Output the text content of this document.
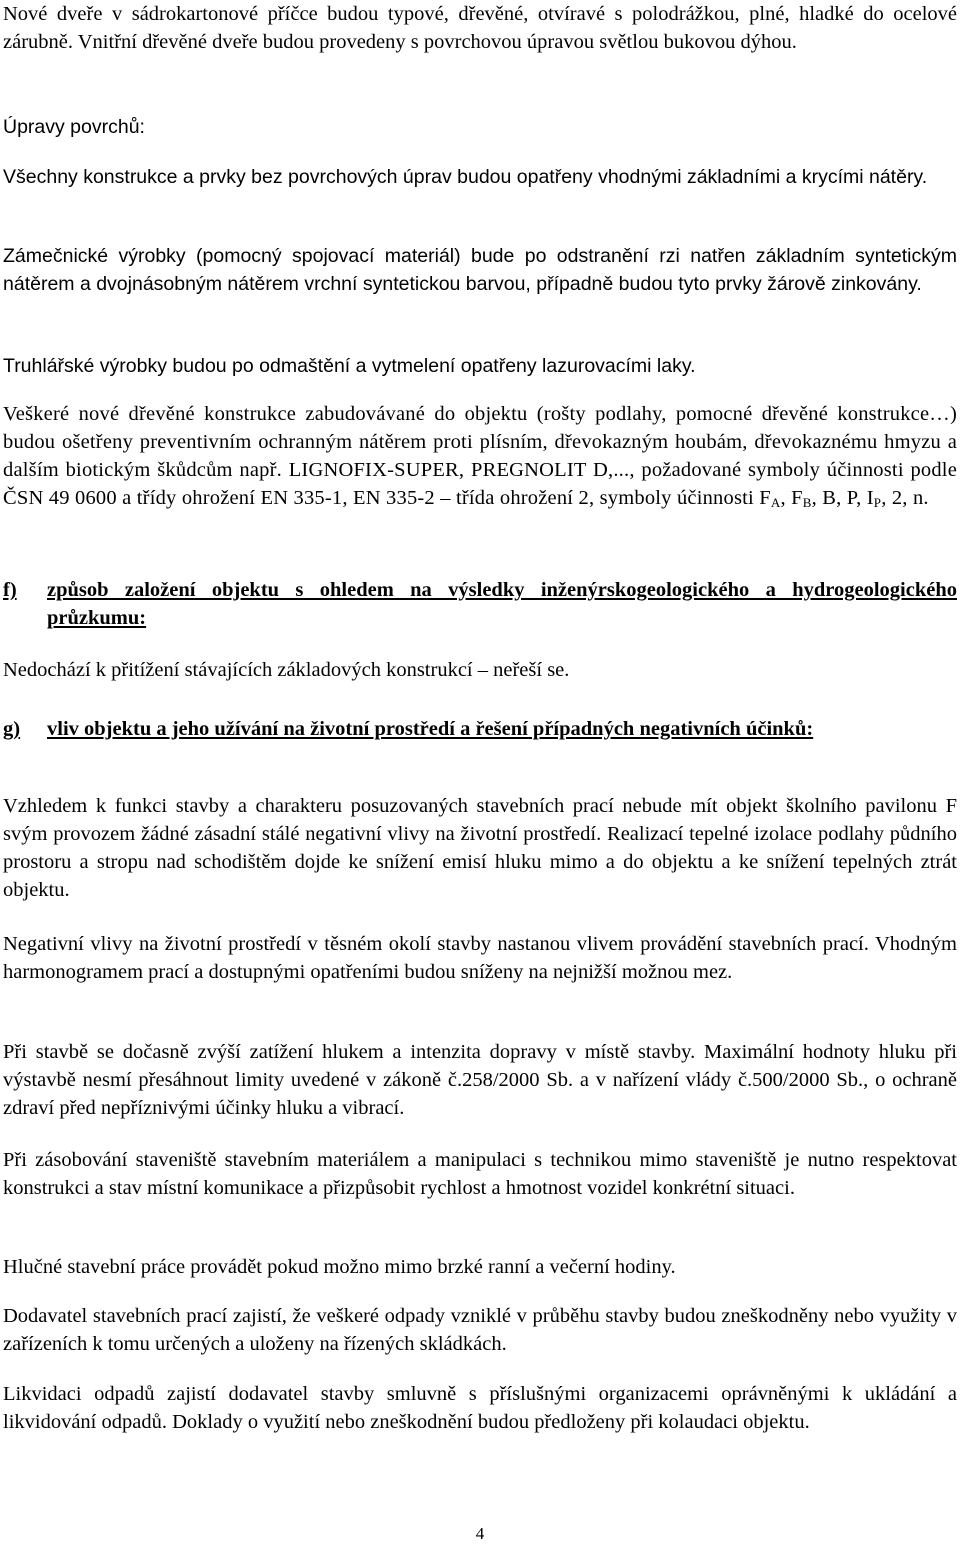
Nové dveře v sádrokartonové příčce budou typové, dřevěné, otvíravé s polodrážkou, plné, hladké do ocelové zárubně. Vnitřní dřevěné dveře budou provedeny s povrchovou úpravou světlou bukovou dýhou.

Úpravy povrchů:

Všechny konstrukce a prvky bez povrchových úprav budou opatřeny vhodnými základními a krycími nátěry.

Zámečnické výrobky (pomocný spojovací materiál) bude po odstranění rzi natřen základním syntetickým nátěrem a dvojnásobným nátěrem vrchní syntetickou barvou, případně budou tyto prvky žárově zinkovány.

Truhlářské výrobky budou po odmaštění a vytmelení opatřeny lazurovacími laky.

Veškeré nové dřevěné konstrukce zabudovávané do objektu (rošty podlahy, pomocné dřevěné konstrukce…) budou ošetřeny preventivním ochranným nátěrem proti plísním, dřevokazným houbám, dřevokaznému hmyzu a dalším biotickým škůdcům např. LIGNOFIX-SUPER, PREGNOLIT D,..., požadované symboly účinnosti podle ČSN 49 0600 a třídy ohrožení EN 335-1, EN 335-2 – třída ohrožení 2, symboly účinnosti $F_A$, $F_B$, B, P, $I_P$, 2, n.

f)	způsob založení objektu s ohledem na výsledky inženýrskogeologického a hydrogeologického průzkumu:

Nedochází k přitížení stávajících základových konstrukcí – neřeší se.

g)	vliv objektu a jeho užívání na životní prostředí a řešení případných negativních účinků:

Vzhledem k funkci stavby a charakteru posuzovaných stavebních prací nebude mít objekt školního pavilonu F svým provozem žádné zásadní stálé negativní vlivy na životní prostředí. Realizací tepelné izolace podlahy půdního prostoru a stropu nad schodištěm dojde ke snížení emisí hluku mimo a do objektu a ke snížení tepelných ztrát objektu.

Negativní vlivy na životní prostředí v těsném okolí stavby nastanou vlivem provádění stavebních prací. Vhodným harmonogramem prací a dostupnými opatřeními budou sníženy na nejnižší možnou mez.

Při stavbě se dočasně zvýší zatížení hlukem a intenzita dopravy v místě stavby. Maximální hodnoty hluku při výstavbě nesmí přesáhnout limity uvedené v zákoně č.258/2000 Sb. a v nařízení vlády č.500/2000 Sb., o ochraně zdraví před nepříznivými účinky hluku a vibrací.

Při zásobování staveniště stavebním materiálem a manipulaci s technikou mimo staveniště je nutno respektovat konstrukci a stav místní komunikace a přizpůsobit rychlost a hmotnost vozidel konkrétní situaci.

Hlučné stavební práce provádět pokud možno mimo brzké ranní a večerní hodiny.

Dodavatel stavebních prací zajistí, že veškeré odpady vzniklé v průběhu stavby budou zneškodněny nebo využity v zařízeních k tomu určených a uloženy na řízených skládkách.

Likvidaci odpadů zajistí dodavatel stavby smluvně s příslušnými organizacemi oprávněnými k ukládání a likvidování odpadů. Doklady o využití nebo zneškodnění budou předloženy při kolaudaci objektu.

4
